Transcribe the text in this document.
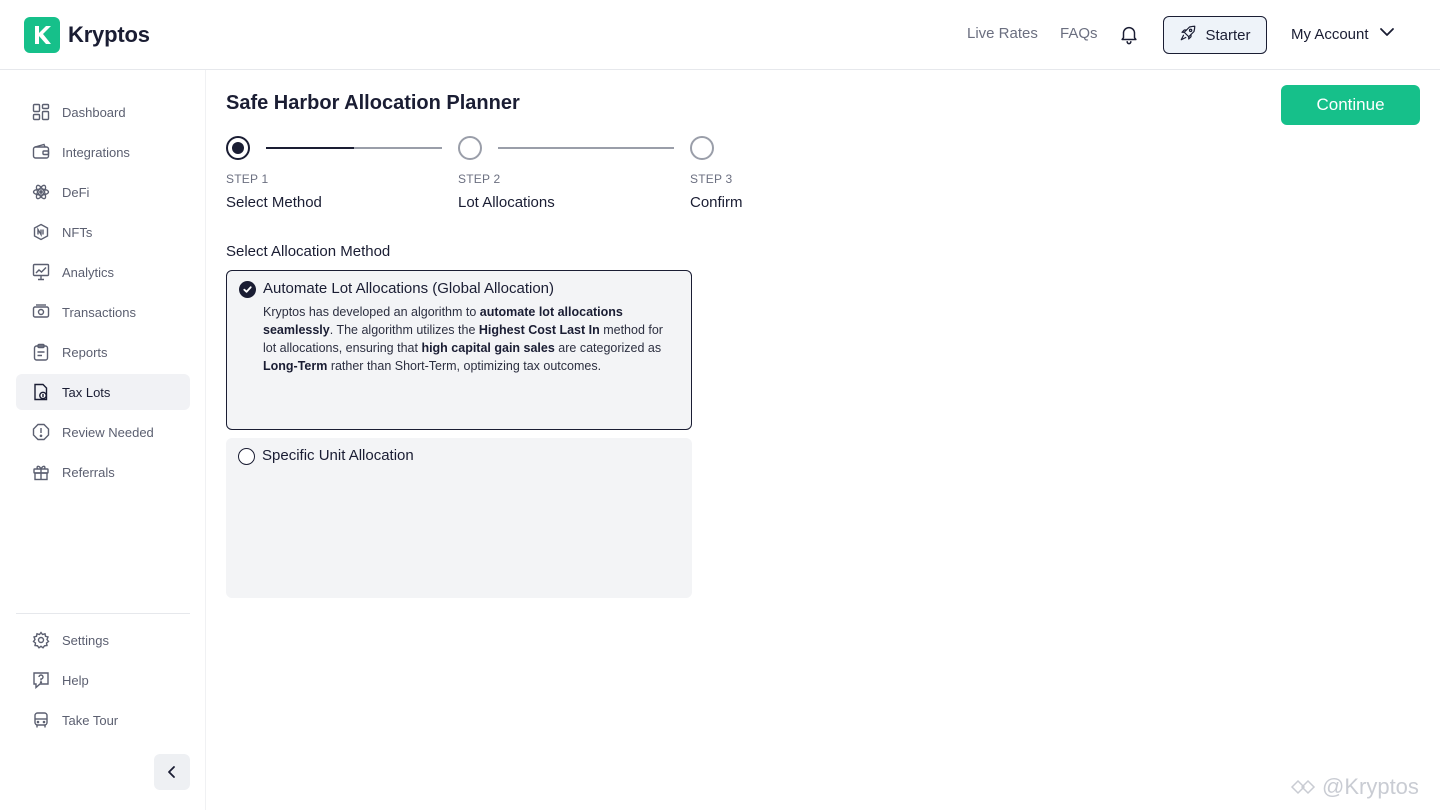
Kryptos	Live Rates FAQs	Starter	My Account
Dashboard
Integrations
DeFi
NFTs
Analytics
Transactions
Reports
Tax Lots
Review Needed
Referrals
Settings
Help
Take Tour
Safe Harbor Allocation Planner	Continue
STEP 1
Select Method
STEP 2
Lot Allocations
STEP 3
Confirm
Select Allocation Method
Automate Lot Allocations (Global Allocation)
Kryptos has developed an algorithm to automate lot allocations seamlessly. The algorithm utilizes the Highest Cost Last In method for lot allocations, ensuring that high capital gain sales are categorized as Long-Term rather than Short-Term, optimizing tax outcomes.
Specific Unit Allocation
@Kryptos
